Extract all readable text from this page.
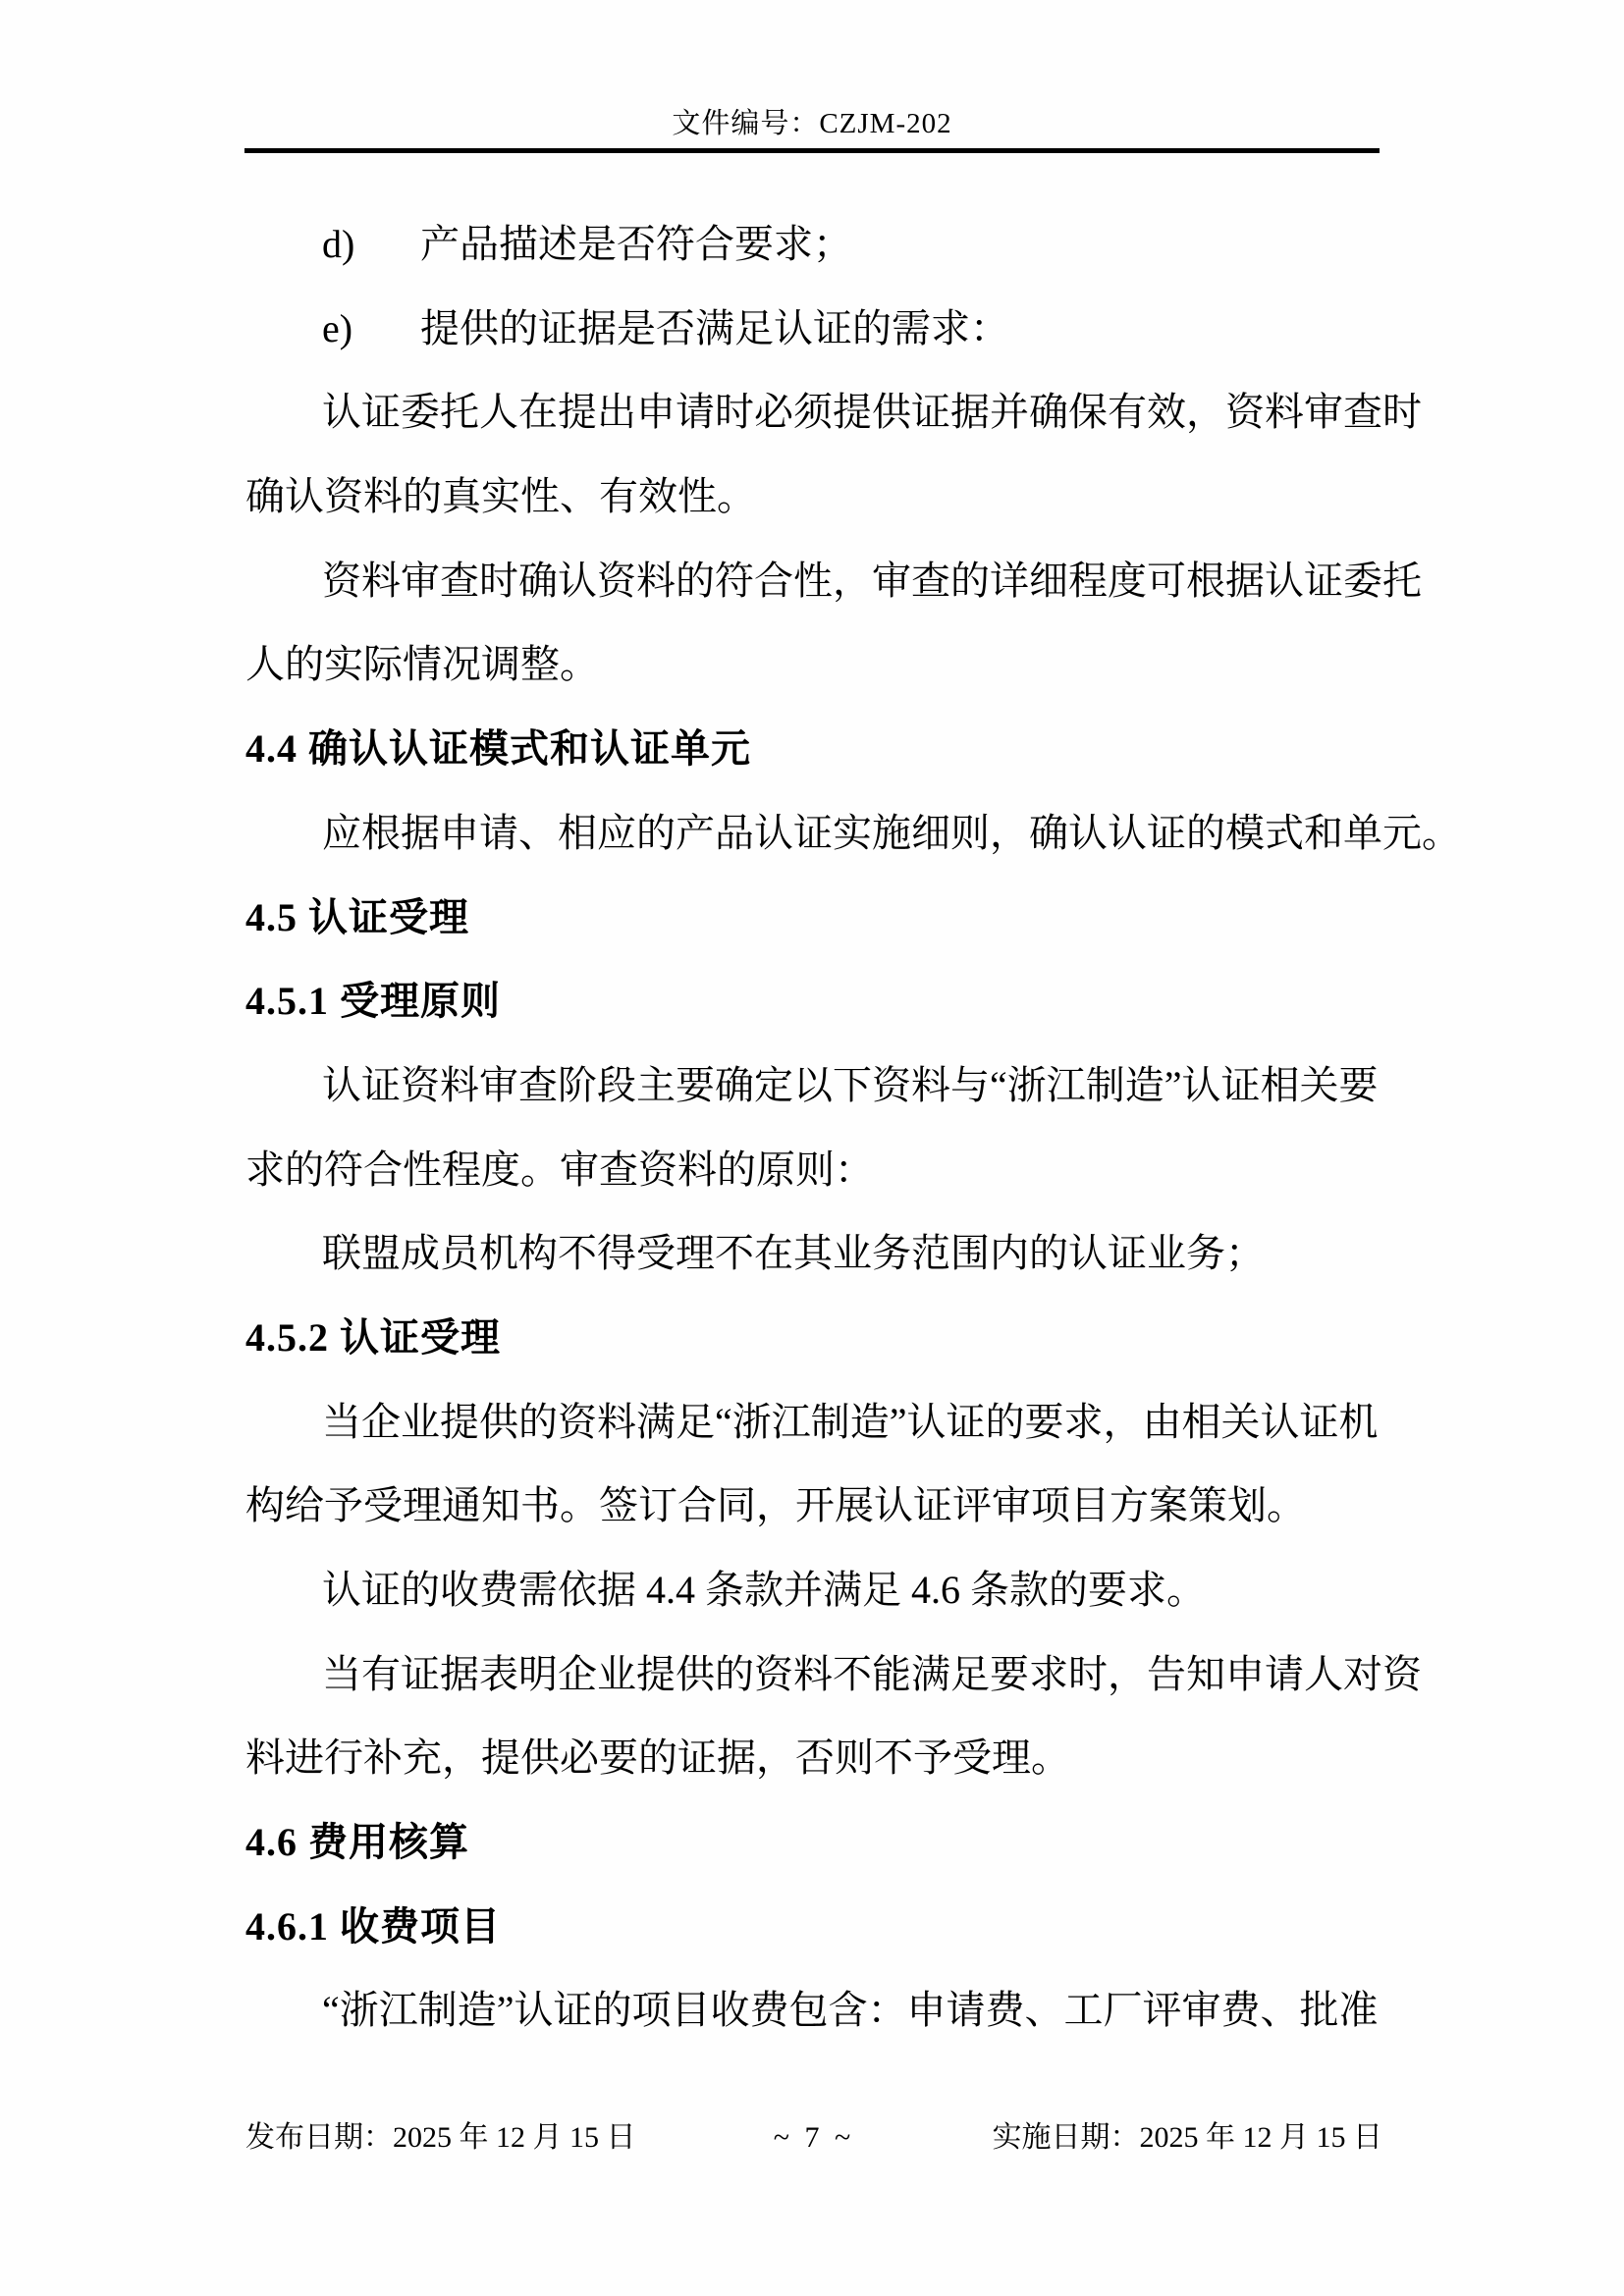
文件编号：CZJM-202
d) 产品描述是否符合要求；
e) 提供的证据是否满足认证的需求：
认证委托人在提出申请时必须提供证据并确保有效，资料审查时
确认资料的真实性、有效性。
资料审查时确认资料的符合性，审查的详细程度可根据认证委托
人的实际情况调整。
4.4 确认认证模式和认证单元
应根据申请、相应的产品认证实施细则，确认认证的模式和单元。
4.5 认证受理
4.5.1 受理原则
认证资料审查阶段主要确定以下资料与“浙江制造”认证相关要
求的符合性程度。审查资料的原则：
联盟成员机构不得受理不在其业务范围内的认证业务；
4.5.2 认证受理
当企业提供的资料满足“浙江制造”认证的要求，由相关认证机
构给予受理通知书。签订合同，开展认证评审项目方案策划。
认证的收费需依据 4.4 条款并满足 4.6 条款的要求。
当有证据表明企业提供的资料不能满足要求时，告知申请人对资
料进行补充，提供必要的证据，否则不予受理。
4.6 费用核算
4.6.1 收费项目
“浙江制造”认证的项目收费包含：申请费、工厂评审费、批准
发布日期：2025 年 12 月 15 日	~ 7 ~	实施日期：2025 年 12 月 15 日
